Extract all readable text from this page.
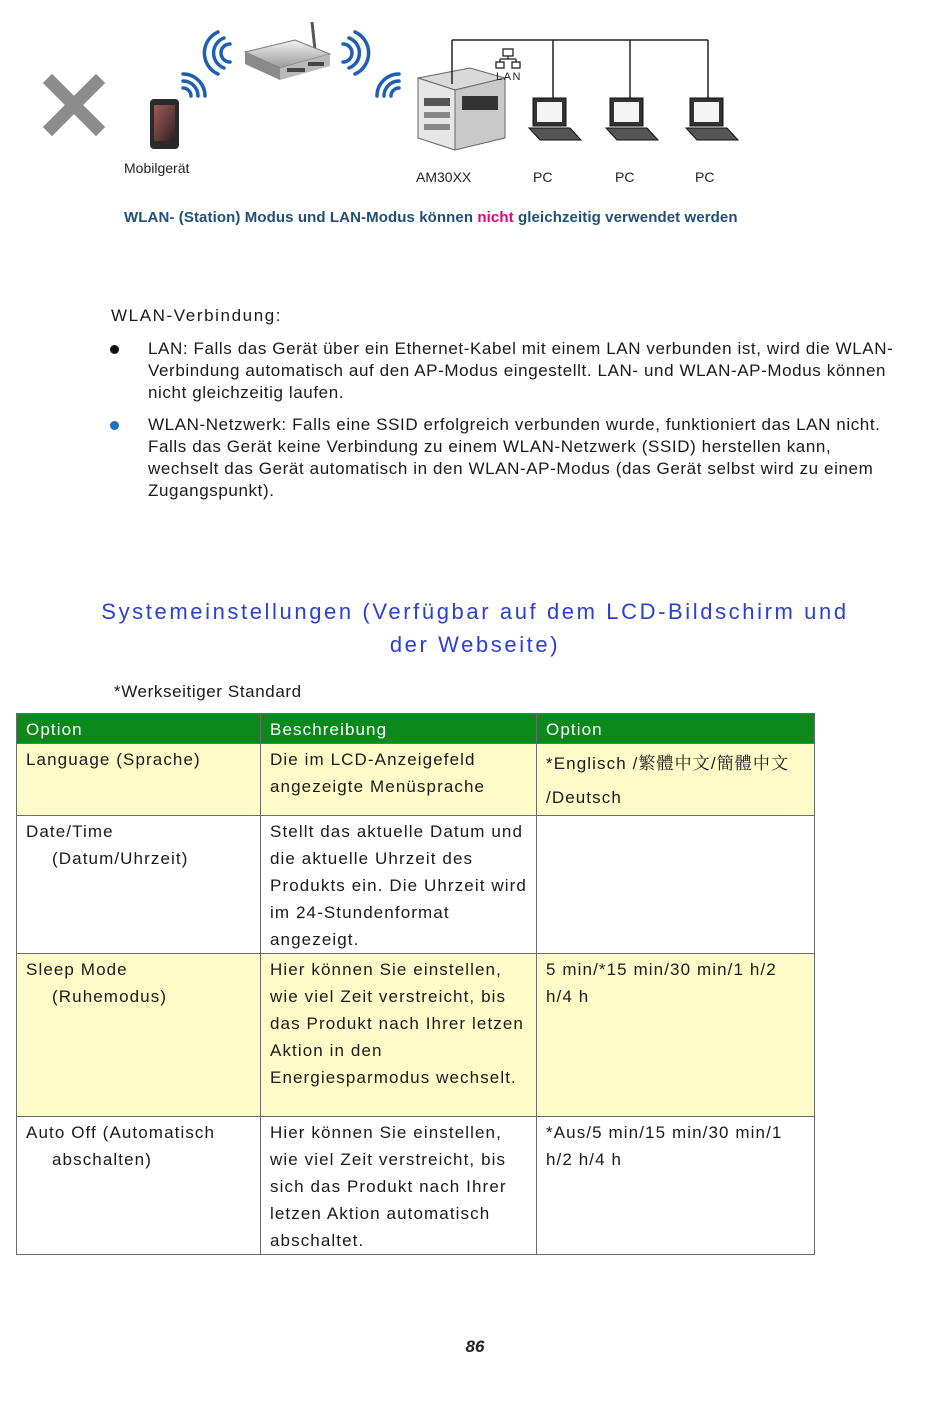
LAN
Mobilgerät
AM30XX	PC	PC	PC
WLAN- (Station) Modus und LAN-Modus können nicht gleichzeitig verwendet werden
WLAN-Verbindung:
LAN: Falls das Gerät über ein Ethernet-Kabel mit einem LAN verbunden ist, wird die WLAN-Verbindung automatisch auf den AP-Modus eingestellt. LAN- und WLAN-AP-Modus können nicht gleichzeitig laufen.
WLAN-Netzwerk: Falls eine SSID erfolgreich verbunden wurde, funktioniert das LAN nicht. Falls das Gerät keine Verbindung zu einem WLAN-Netzwerk (SSID) herstellen kann, wechselt das Gerät automatisch in den WLAN-AP-Modus (das Gerät selbst wird zu einem Zugangspunkt).
Systemeinstellungen (Verfügbar auf dem LCD-Bildschirm und der Webseite)
*Werkseitiger Standard
Option	Beschreibung	Option
Language (Sprache)	Die im LCD-Anzeigefeld angezeigte Menüsprache	*Englisch /繁體中文/簡體中文 /Deutsch
Date/Time
(Datum/Uhrzeit)	Stellt das aktuelle Datum und die aktuelle Uhrzeit des Produkts ein. Die Uhrzeit wird im 24-Stundenformat angezeigt.	
Sleep Mode
(Ruhemodus)	Hier können Sie einstellen, wie viel Zeit verstreicht, bis das Produkt nach Ihrer letzen Aktion in den Energiesparmodus wechselt.	5 min/*15 min/30 min/1 h/2 h/4 h
Auto Off (Automatisch
abschalten)	Hier können Sie einstellen, wie viel Zeit verstreicht, bis sich das Produkt nach Ihrer letzen Aktion automatisch abschaltet.	*Aus/5 min/15 min/30 min/1 h/2 h/4 h
86
